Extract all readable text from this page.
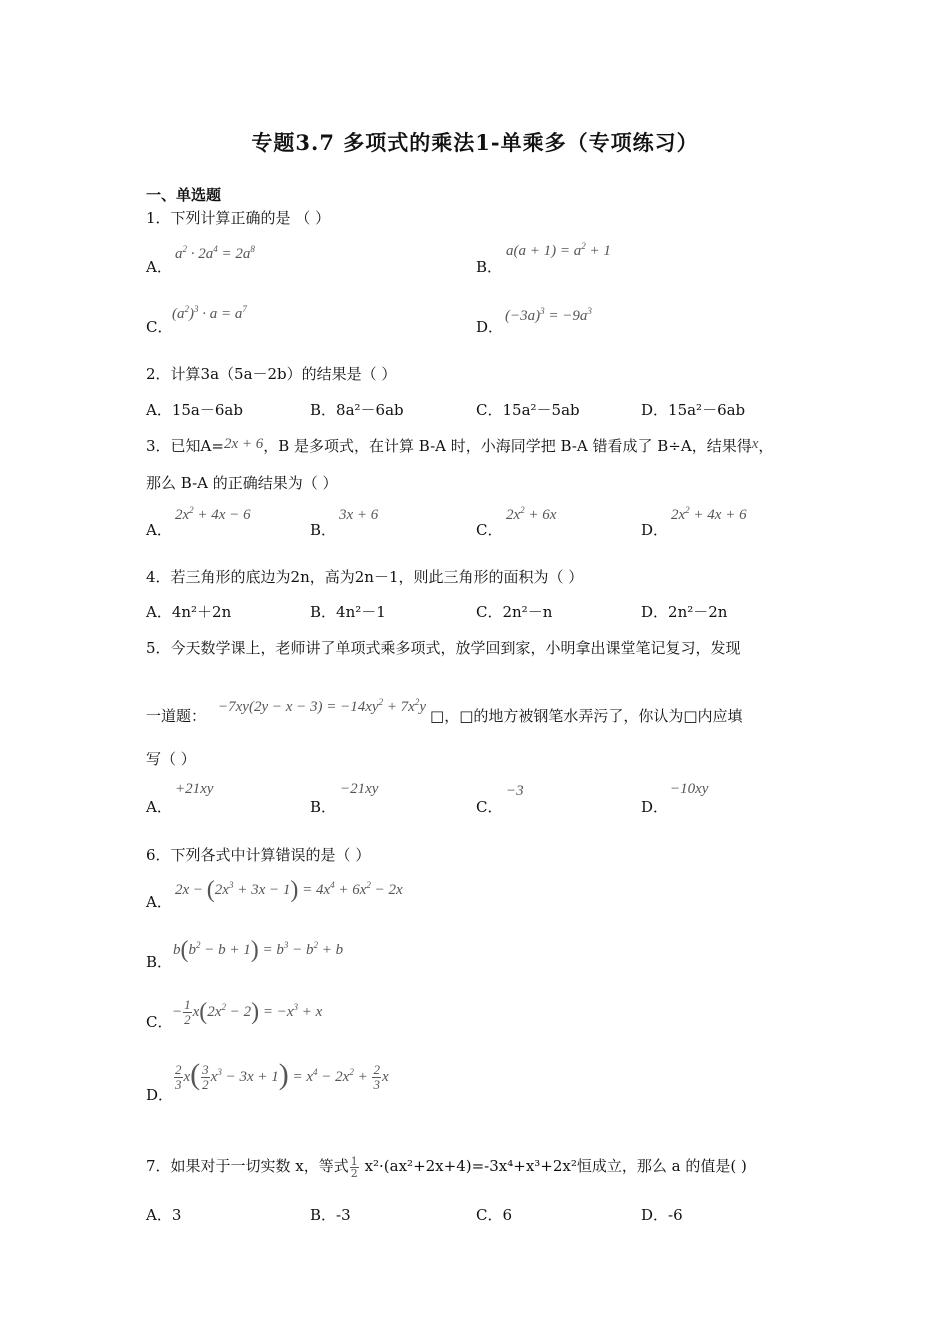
专题3.7 多项式的乘法1-单乘多（专项练习）
一、单选题
1．下列计算正确的是 （ ）
A．
$a^2 \cdot 2a^4 = 2a^8$
B．
$a(a + 1) = a^2 + 1$
C．
$(a^2)^3 \cdot a = a^7$
D．
$(-3a)^3 = -9a^3$
2．计算3a（5a－2b）的结果是（ ）
A．15a－6ab	B．8a²－6ab	C．15a²－5ab	D．15a²－6ab
3．已知A=2x + 6，B 是多项式，在计算 B-A 时，小海同学把 B-A 错看成了 B÷A，结果得x，
那么 B-A 的正确结果为（ ）
A．
$2x^2 + 4x - 6$
B．
3x + 6
C．
$2x^2 + 6x$
D．
$2x^2 + 4x + 6$
4．若三角形的底边为2n，高为2n－1，则此三角形的面积为（ ）
A．4n²＋2n	B．4n²－1	C．2n²－n	D．2n²－2n
5．今天数学课上，老师讲了单项式乘多项式，放学回到家，小明拿出课堂笔记复习，发现
一道题： $-7xy(2y - x - 3) = -14xy^2 + 7x^2y$ □，□的地方被钢笔水弄污了，你认为□内应填
写（ ）
A．
+21xy
B．
−21xy
C．
−3
D．
−10xy
6．下列各式中计算错误的是（ ）
A．
$2x - (2x^3 + 3x - 1) = 4x^4 + 6x^2 - 2x$
B．
$b(b^2 - b + 1) = b^3 - b^2 + b$
C．
− $\frac{1}{2} x(2x^2 - 2) = -x^3 + x$
D．
$\frac{2}{3} x( \frac{3}{2} x^3 - 3x + 1) = x^4 - 2x^2 + \frac{2}{3}$ x
7．如果对于一切实数 x，等式 $\frac{1}{2} x^2\cdot(ax^2+2x+4)=-3x^4+x^3+2x^2$恒成立，那么 a 的值是( )
A．3	B．-3	C．6	D．-6
